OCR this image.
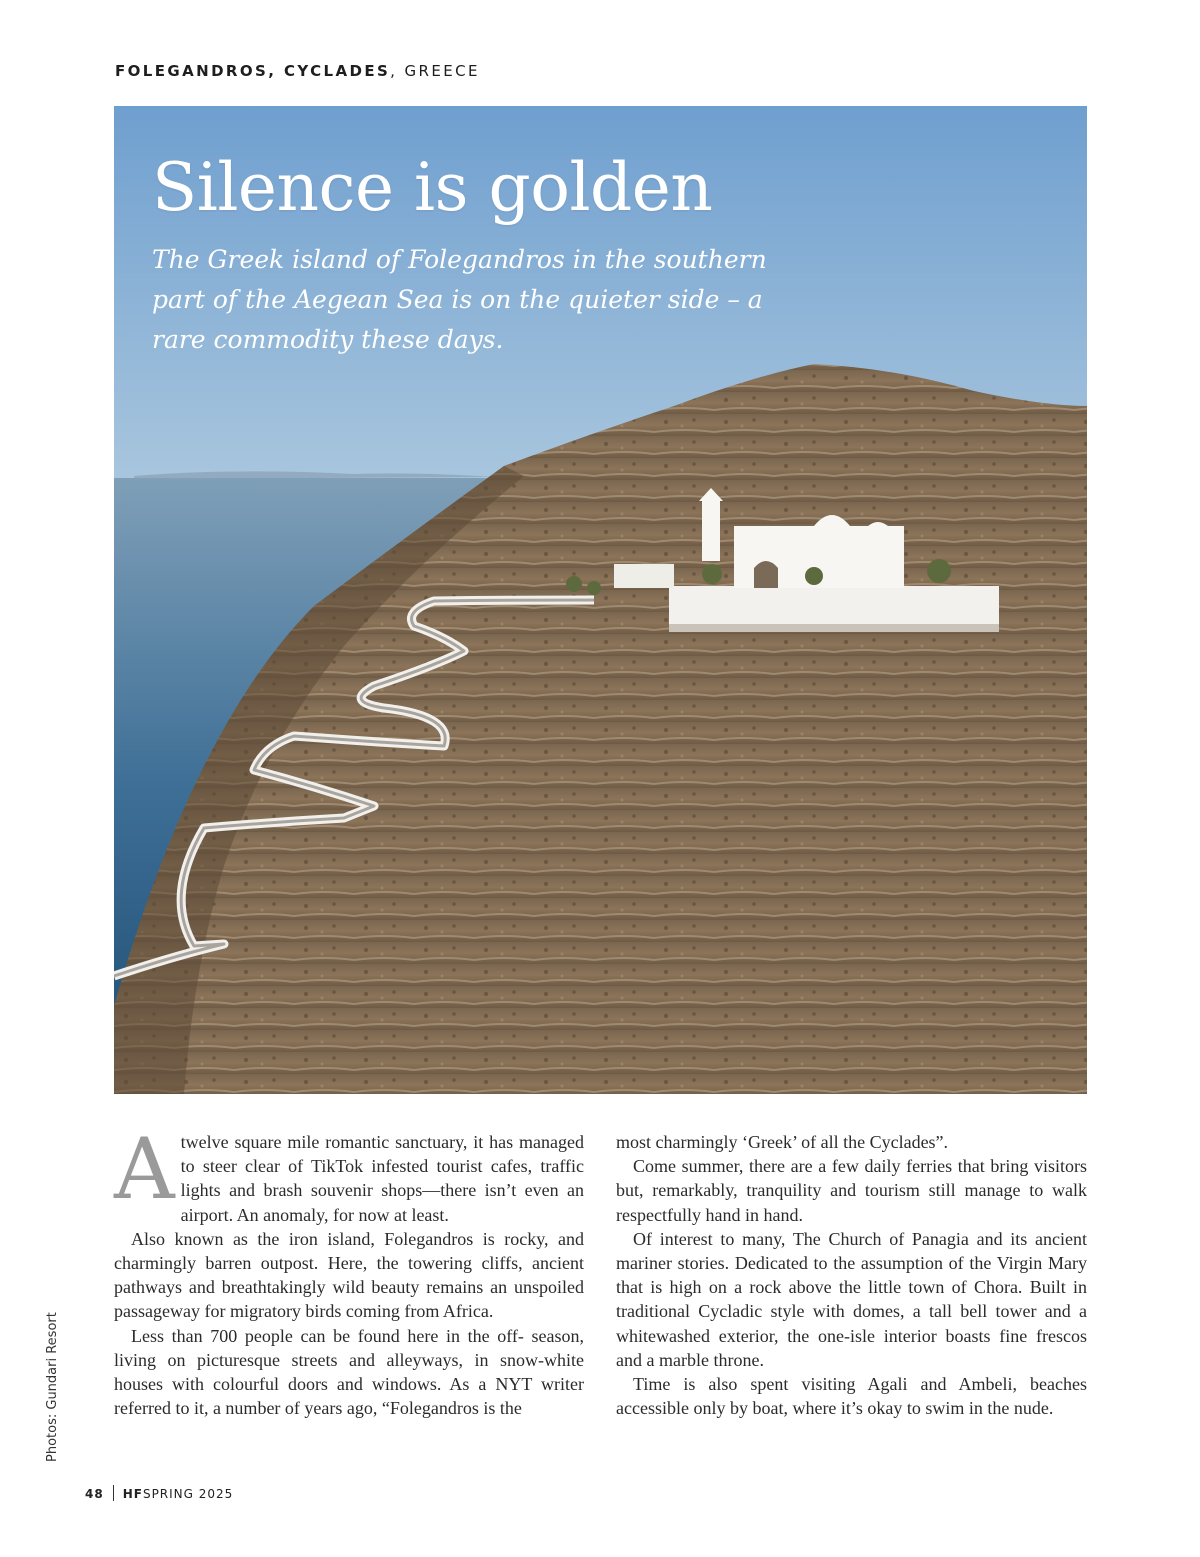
FOLEGANDROS, CYCLADES, GREECE
Silence is golden

The Greek island of Folegandros in the southern part of the Aegean Sea is on the quieter side – a rare commodity these days.

Atwelve square mile romantic sanctuary, it has managed to steer clear of TikTok infested tourist cafes, traffic lights and brash souvenir shops—there isn’t even an airport. An anomaly, for now at least.

Also known as the iron island, Folegandros is rocky, and charmingly barren outpost. Here, the towering cliffs, ancient pathways and breathtakingly wild beauty remains an unspoiled passageway for migratory birds coming from Africa.

Less than 700 people can be found here in the off- season, living on picturesque streets and alleyways, in snow-white houses with colourful doors and windows. As a NYT writer referred to it, a number of years ago, “Folegandros is the

most charmingly ‘Greek’ of all the Cyclades”.

Come summer, there are a few daily ferries that bring visitors but, remarkably, tranquility and tourism still manage to walk respectfully hand in hand.

Of interest to many, The Church of Panagia and its ancient mariner stories. Dedicated to the assumption of the Virgin Mary that is high on a rock above the little town of Chora. Built in traditional Cycladic style with domes, a tall bell tower and a whitewashed exterior, the one-isle interior boasts fine frescos and a marble throne.

Time is also spent visiting Agali and Ambeli, beaches accessible only by boat, where it’s okay to swim in the nude.

Photos: Gundari Resort
48 HFSPRING 2025
